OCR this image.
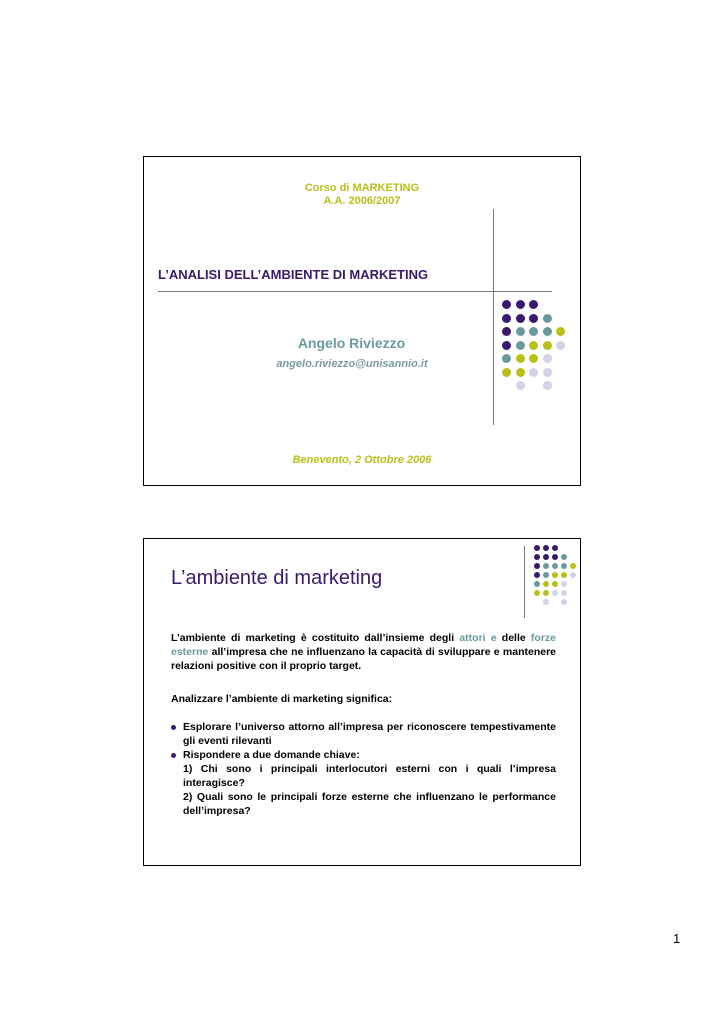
Corso di MARKETING
A.A. 2006/2007
L’ANALISI DELL’AMBIENTE DI MARKETING
Angelo Riviezzo
angelo.riviezzo@unisannio.it
Benevento, 2 Ottobre 2006
L’ambiente di marketing
L’ambiente di marketing è costituito dall’insieme degli attori e delle forze esterne all’impresa che ne influenzano la capacità di sviluppare e mantenere relazioni positive con il proprio target.
Analizzare l’ambiente di marketing significa:
Esplorare l’universo attorno all’impresa per riconoscere tempestivamente gli eventi rilevanti
Rispondere a due domande chiave:
1) Chi sono i principali interlocutori esterni con i quali l’impresa interagisce?
2) Quali sono le principali forze esterne che influenzano le performance dell’impresa?
1
